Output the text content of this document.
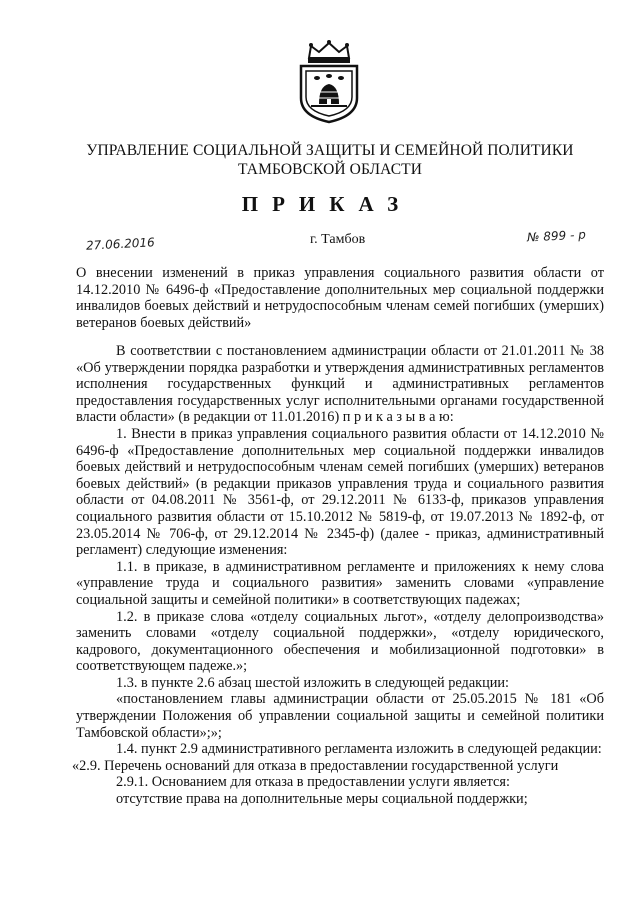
УПРАВЛЕНИЕ СОЦИАЛЬНОЙ ЗАЩИТЫ И СЕМЕЙНОЙ ПОЛИТИКИ
ТАМБОВСКОЙ ОБЛАСТИ
ПРИКАЗ
27.06.2016	г. Тамбов	№ 899 - р
О внесении изменений в приказ управления социального развития области от 14.12.2010 № 6496-ф «Предоставление дополнительных мер социальной поддержки инвалидов боевых действий и нетрудоспособным членам семей погибших (умерших) ветеранов боевых действий»

В соответствии с постановлением администрации области от 21.01.2011 № 38 «Об утверждении порядка разработки и утверждения административных регламентов исполнения государственных функций и административных регламентов предоставления государственных услуг исполнительными органами государственной власти области» (в редакции от 11.01.2016) п р и к а з ы в а ю:

1. Внести в приказ управления социального развития области от 14.12.2010 № 6496-ф «Предоставление дополнительных мер социальной поддержки инвалидов боевых действий и нетрудоспособным членам семей погибших (умерших) ветеранов боевых действий» (в редакции приказов управления труда и социального развития области от 04.08.2011 № 3561-ф, от 29.12.2011 № 6133-ф, приказов управления социального развития области от 15.10.2012 № 5819-ф, от 19.07.2013 № 1892-ф, от 23.05.2014 № 706-ф, от 29.12.2014 № 2345-ф) (далее - приказ, административный регламент) следующие изменения:

1.1. в приказе, в административном регламенте и приложениях к нему слова «управление труда и социального развития» заменить словами «управление социальной защиты и семейной политики» в соответствующих падежах;

1.2. в приказе слова «отделу социальных льгот», «отделу делопроизводства» заменить словами «отделу социальной поддержки», «отделу юридического, кадрового, документационного обеспечения и мобилизационной подготовки» в соответствующем падеже.»;

1.3. в пункте 2.6 абзац шестой изложить в следующей редакции:

«постановлением главы администрации области от 25.05.2015 № 181 «Об утверждении Положения об управлении социальной защиты и семейной политики Тамбовской области»;»;

1.4. пункт 2.9 административного регламента изложить в следующей редакции:

«2.9. Перечень оснований для отказа в предоставлении государственной услуги

2.9.1. Основанием для отказа в предоставлении услуги является:

отсутствие права на дополнительные меры социальной поддержки;
